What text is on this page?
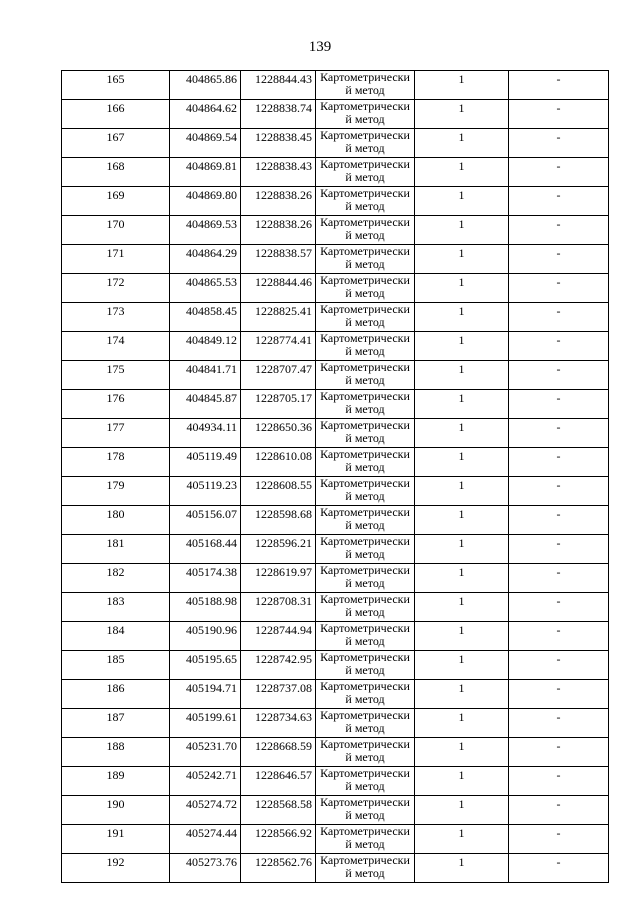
139
165	404865.86	1228844.43	Картометрически
й метод	1	-
166	404864.62	1228838.74	Картометрически
й метод	1	-
167	404869.54	1228838.45	Картометрически
й метод	1	-
168	404869.81	1228838.43	Картометрически
й метод	1	-
169	404869.80	1228838.26	Картометрически
й метод	1	-
170	404869.53	1228838.26	Картометрически
й метод	1	-
171	404864.29	1228838.57	Картометрически
й метод	1	-
172	404865.53	1228844.46	Картометрически
й метод	1	-
173	404858.45	1228825.41	Картометрически
й метод	1	-
174	404849.12	1228774.41	Картометрически
й метод	1	-
175	404841.71	1228707.47	Картометрически
й метод	1	-
176	404845.87	1228705.17	Картометрически
й метод	1	-
177	404934.11	1228650.36	Картометрически
й метод	1	-
178	405119.49	1228610.08	Картометрически
й метод	1	-
179	405119.23	1228608.55	Картометрически
й метод	1	-
180	405156.07	1228598.68	Картометрически
й метод	1	-
181	405168.44	1228596.21	Картометрически
й метод	1	-
182	405174.38	1228619.97	Картометрически
й метод	1	-
183	405188.98	1228708.31	Картометрически
й метод	1	-
184	405190.96	1228744.94	Картометрически
й метод	1	-
185	405195.65	1228742.95	Картометрически
й метод	1	-
186	405194.71	1228737.08	Картометрически
й метод	1	-
187	405199.61	1228734.63	Картометрически
й метод	1	-
188	405231.70	1228668.59	Картометрически
й метод	1	-
189	405242.71	1228646.57	Картометрически
й метод	1	-
190	405274.72	1228568.58	Картометрически
й метод	1	-
191	405274.44	1228566.92	Картометрически
й метод	1	-
192	405273.76	1228562.76	Картометрически
й метод	1	-
